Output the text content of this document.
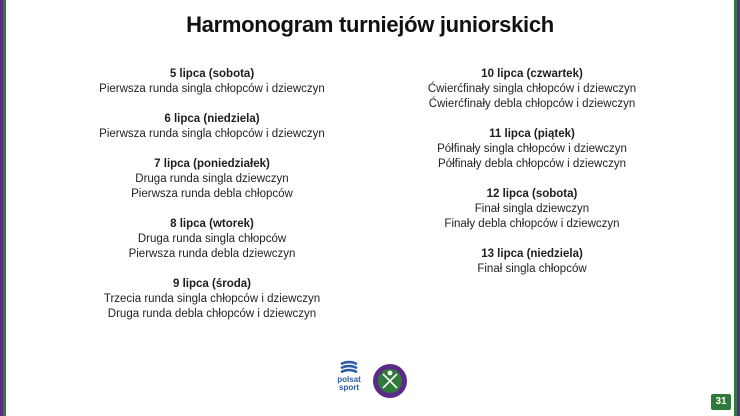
Harmonogram turniejów juniorskich
5 lipca (sobota)
Pierwsza runda singla chłopców i dziewczyn
6 lipca (niedziela)
Pierwsza runda singla chłopców i dziewczyn
7 lipca (poniedziałek)
Druga runda singla dziewczyn
Pierwsza runda debla chłopców
8 lipca (wtorek)
Druga runda singla chłopców
Pierwsza runda debla dziewczyn
9 lipca (środa)
Trzecia runda singla chłopców i dziewczyn
Druga runda debla chłopców i dziewczyn
10 lipca (czwartek)
Ćwierćfinały singla chłopców i dziewczyn
Ćwierćfinały debla chłopców i dziewczyn
11 lipca (piątek)
Półfinały singla chłopców i dziewczyn
Półfinały debla chłopców i dziewczyn
12 lipca (sobota)
Finał singla dziewczyn
Finały debla chłopców i dziewczyn
13 lipca (niedziela)
Finał singla chłopców
polsat
sport
31
